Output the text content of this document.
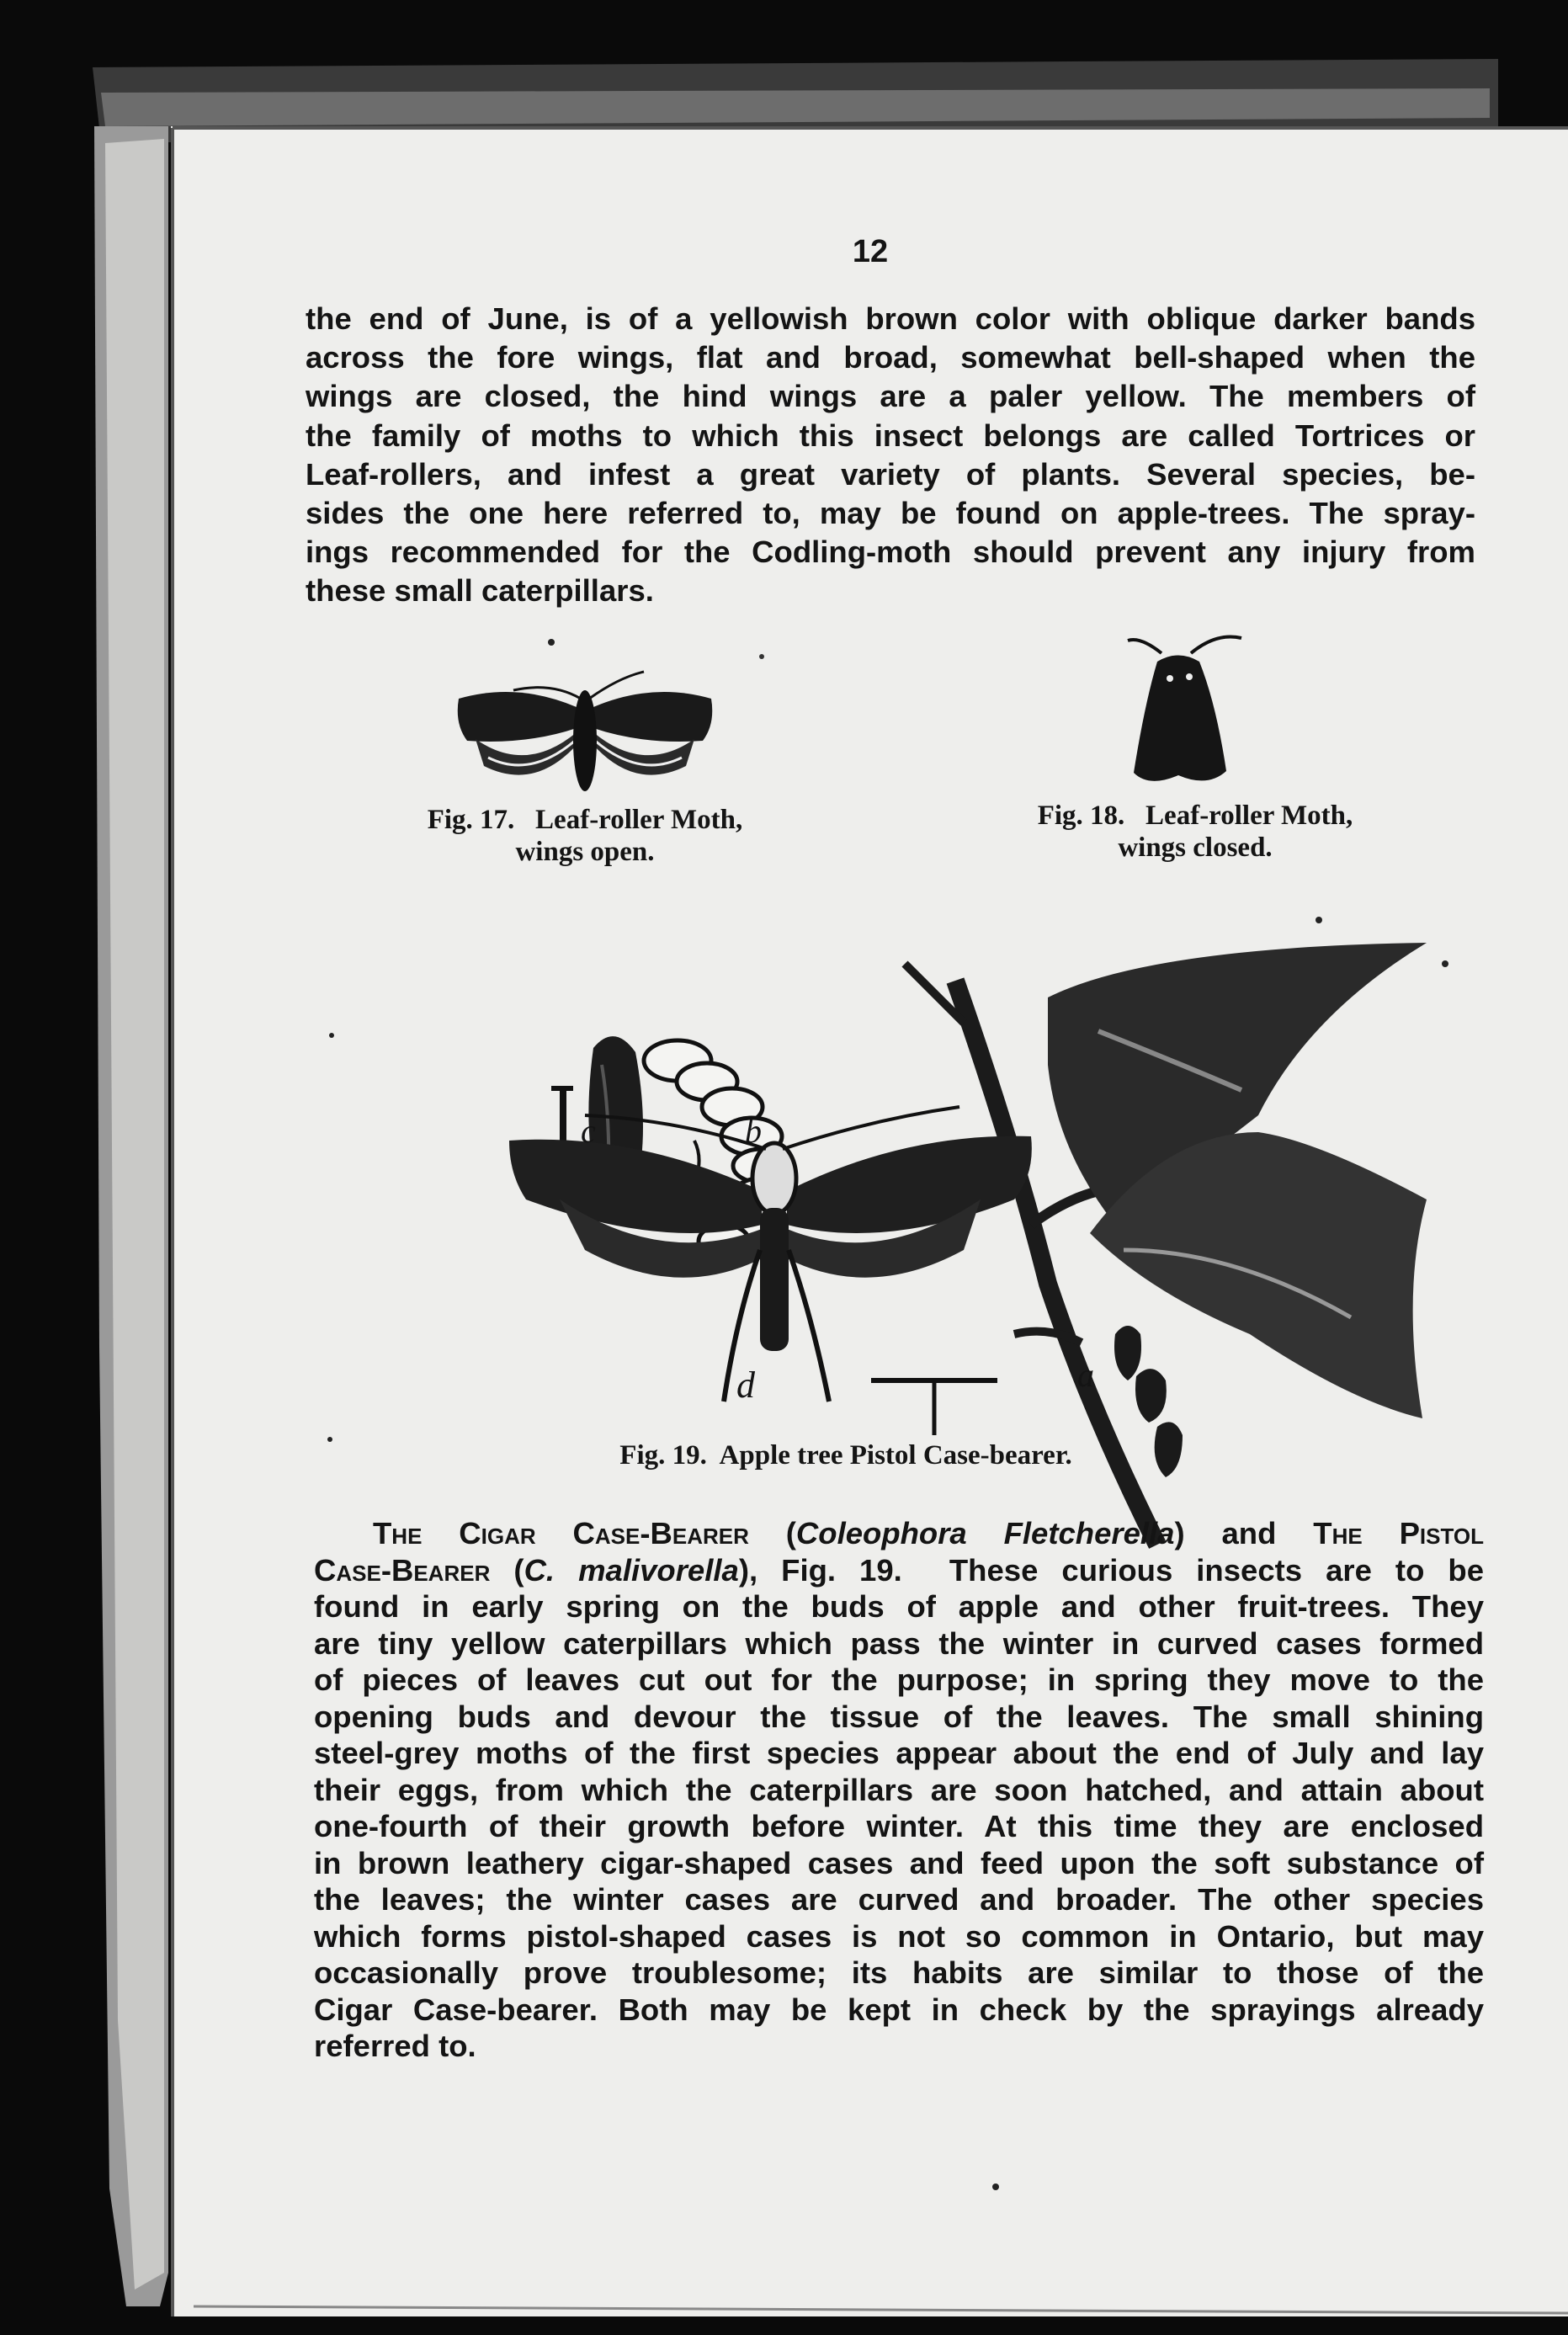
12
the end of June, is of a yellowish brown color with oblique darker bands
across the fore wings, flat and broad, somewhat bell-shaped when the
wings are closed, the hind wings are a paler yellow. The members of
the family of moths to which this insect belongs are called Tortrices or
Leaf-rollers, and infest a great variety of plants. Several species, be-
sides the one here referred to, may be found on apple-trees. The spray-
ings recommended for the Codling-moth should prevent any injury from
these small caterpillars.
Fig. 17. Leaf-roller Moth,
wings open.
Fig. 18. Leaf-roller Moth,
wings closed.
c	b
d	a
Fig. 19.  Apple tree Pistol Case-bearer.
The Cigar Case-Bearer (Coleophora Fletcherella) and The Pistol
Case-Bearer (C. malivorella), Fig. 19. These curious insects are to be
found in early spring on the buds of apple and other fruit-trees. They
are tiny yellow caterpillars which pass the winter in curved cases formed
of pieces of leaves cut out for the purpose; in spring they move to the
opening buds and devour the tissue of the leaves. The small shining
steel-grey moths of the first species appear about the end of July and lay
their eggs, from which the caterpillars are soon hatched, and attain about
one-fourth of their growth before winter. At this time they are enclosed
in brown leathery cigar-shaped cases and feed upon the soft substance of
the leaves; the winter cases are curved and broader. The other species
which forms pistol-shaped cases is not so common in Ontario, but may
occasionally prove troublesome; its habits are similar to those of the
Cigar Case-bearer. Both may be kept in check by the sprayings already
referred to.
